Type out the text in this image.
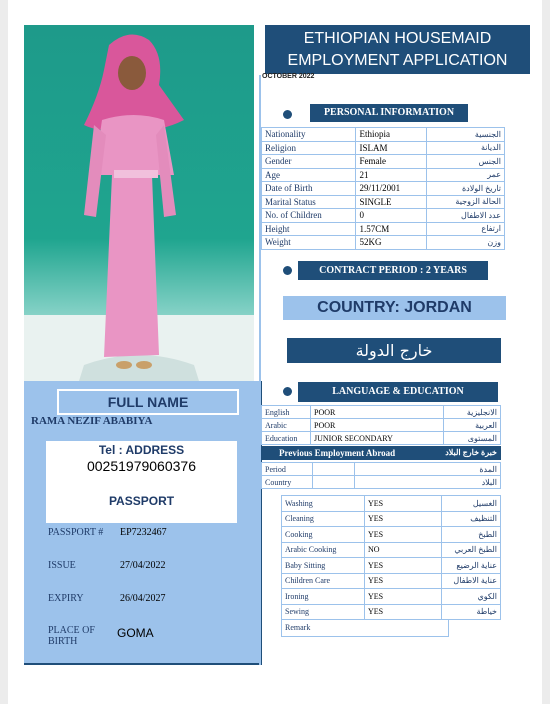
FULL NAME
RAMA NEZIF ABABIYA
Tel : ADDRESS
00251979060376
PASSPORT
PASSPORT # EP7232467
ISSUE	27/04/2022
EXPIRY	26/04/2027
PLACE OF BIRTH
GOMA
ETHIOPIAN HOUSEMAID
EMPLOYMENT APPLICATION
OCTOBER 2022
PERSONAL INFORMATION
Nationality	Ethiopia	الجنسية
Religion	ISLAM	الديانة
Gender	Female	الجنس
Age	21	عمر
Date of Birth	29/11/2001	تاريخ الولادة
Marital Status	SINGLE	الحالة الزوجية
No. of Children	0	عدد الاطفال
Height	1.57CM	ارتفاع
Weight	52KG	وزن
CONTRACT PERIOD : 2 YEARS
COUNTRY: JORDAN
خارج الدولة
LANGUAGE & EDUCATION
English	POOR	الانجليزية
Arabic	POOR	العربية
Education	JUNIOR SECONDARY	المستوى
Previous Employment Abroad	خبرة خارج البلاد
Period		المدة
Country		البلاد
Washing	YES	الغسيل
Cleaning	YES	التنظيف
Cooking	YES	الطبخ
Arabic Cooking	NO	الطبخ العربي
Baby Sitting	YES	عناية الرضيع
Children Care	YES	عناية الاطفال
Ironing	YES	الكوي
Sewing	YES	خياطة
Remark
